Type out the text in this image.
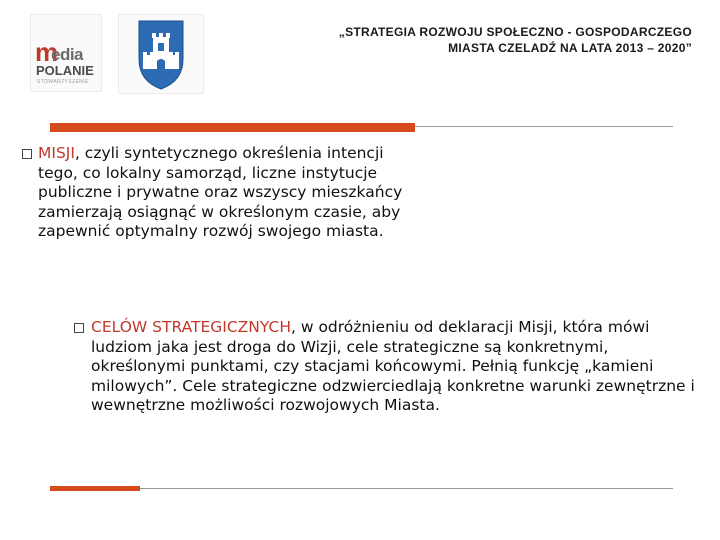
m
edia
POLANIE
STOWARZYSZENIE
„STRATEGIA ROZWOJU SPOŁECZNO - GOSPODARCZEGO
MIASTA CZELADŹ NA LATA 2013 – 2020”

MISJI, czyli syntetycznego określenia intencji tego, co lokalny samorząd, liczne instytucje publiczne i prywatne oraz wszyscy mieszkańcy zamierzają osiągnąć w określonym czasie, aby zapewnić optymalny rozwój swojego miasta.

CELÓW STRATEGICZNYCH, w odróżnieniu od deklaracji Misji, która mówi ludziom jaka jest droga do Wizji, cele strategiczne są konkretnymi, określonymi punktami, czy stacjami końcowymi. Pełnią funkcję „kamieni milowych”. Cele strategiczne odzwierciedlają konkretne warunki zewnętrzne i wewnętrzne możliwości rozwojowych Miasta.
